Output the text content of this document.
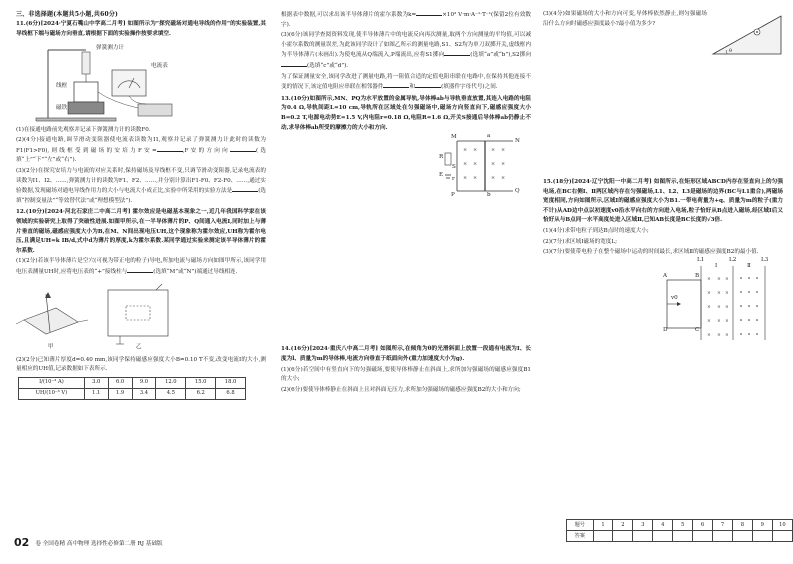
三、非选择题(本题共5小题,共60分)

11.(6分)[2024·宁夏石嘴山中学高二月考] 如图所示为“探究磁场对通电导线的作用”的实验装置,其导线框下端与磁场方向垂直,请根据下面的实验操作按要求填空.

弹簧测力计
电流表
线框
磁铁

(1)在接通电路前先观察并记录下弹簧测力计的读数F0.

(2)(4分)接通电路,调节滑动变阻器使电流表读数为I1,观察并记录了弹簧测力计此时的读数为F1(F1>F0),则线框受到磁场的安培力F安=	,F安的方向向	(选填“上”“下”“左”或“右”).

(3)(2分)在探究安培力与电流的对应关系时,保持磁场及导线框不变,只调节滑动变阻器,记录电流表的读数为I1、I2、……,弹簧测力计的读数为F1、F2、……,并分别计算出F1-F0、F2-F0、……,通过实验数据,发现磁场对通电导线作用力的大小与电流大小成正比,实验中所采用的实验方法是	(选填“控制变量法”“等效替代法”或“理想模型法”).

12.(10分)[2024·河北石家庄二中高二月考] 霍尔效应是电磁基本现象之一,近几年我国科学家在该领域的实验研究上取得了突破性进展.如图甲所示,在一半导体薄片的P、Q间通入电流I,同时加上与薄片垂直的磁场,磁感应强度大小为B,在M、N间出现电压UH,这个现象称为霍尔效应,UH称为霍尔电压,且满足UH=k IB/d,式中d为薄片的厚度,k为霍尔系数.某同学通过实验来测定该半导体薄片的霍尔系数.

(1)(2分)若该半导体薄片是空穴(可视为带正电的粒子)导电,所加电流与磁场方向如图甲所示,该同学用电压表测量UH时,应将电压表的“+”接线柱与	(选填“M”或“N”)端通过导线相连.

甲	乙

(2)(2分)已知薄片厚度d=0.40 mm,该同学保持磁感应强度大小B=0.10 T不变,改变电流I的大小,测量相应的UH值,记录数据如下表所示.

I/(10⁻³ A)	3.0	6.0	9.0	12.0	15.0	18.0
UH/(10⁻³ V)	1.1	1.9	3.4	4.5	6.2	6.8

根据表中数据,可以求出该半导体薄片的霍尔系数为k=	×10³ V·m·A⁻¹·T⁻¹(保留2位有效数字).

(3)(6分)该同学查阅资料发现,使半导体薄片中的电流反向再次测量,取两个方向测量的平均值,可以减小霍尔系数的测量误差,为此该同学设计了如图乙所示的测量电路,S1、S2均为单刀双掷开关,虚线框内为半导体薄片(未画出).为使电流从Q端流入,P端流出,应将S1掷向	(选填“a”或“b”),S2掷向(选填“c”或“d”).

为了保证测量安全,该同学改进了测量电路,将一阻值合适的定值电阻串联在电路中,在保持其他连接不变的情况下,该定值电阻应串联在相邻器件	和	(填器件字母代号)之间.

13.(10分)如图所示,MN、PQ为水平放置的金属导轨,导体棒ab与导轨垂直放置,其连入电路的电阻为0.4 Ω,导轨间距L=10 cm,导轨所在区域处在匀强磁场中,磁场方向竖直向下,磁感应强度大小B=0.2 T,电源电动势E=1.5 V,内电阻r=0.18 Ω,电阻R=1.6 Ω,开关S接通后导体棒ab仍静止不动,求导体棒ab所受的摩擦力的大小和方向.

× ×	× ×
× ×	× ×
× ×	× ×
M
N
P
Q
a
b
R
E
r
S

14.(16分)[2024·重庆八中高二月考] 如图所示,在倾角为θ的光滑斜面上放置一段通有电流为I、长度为l、质量为m的导体棒,电流方向垂直于纸面向外(重力加速度大小为g).

(1)(6分)若空间中有竖直向下的匀强磁场,要使导体棒静止在斜面上,求所加匀强磁场的磁感应强度B1的大小;

(2)(6分)要使导体棒静止在斜面上且对斜面无压力,求所加匀强磁场的磁感应强度B2的大小和方向;

(3)(4分)如果磁场的大小和方向可变,导体棒依然静止,则匀强磁场沿什么方向时磁感应强度最小?最小值为多少?

θ

15.(18分)[2024·辽宁沈阳一中高二月考] 如图所示,在矩形区域ABCD内存在竖直向上的匀强电场,在BC右侧Ⅰ、Ⅱ两区域内存在匀强磁场,L1、L2、L3是磁场的边界(BC与L1重合),两磁场宽度相同,方向如图所示,区域Ⅰ的磁感应强度大小为B1.一带电荷量为+q、质量为m的粒子(重力不计)从AD边中点以初速度v0沿水平向右的方向进入电场,粒子恰好从B点进入磁场,经区域Ⅰ后又恰好从与B点同一水平高度处进入区域Ⅱ,已知AB长度是BC长度的√3倍.

(1)(4分)求带电粒子到达B点时的速度大小;

(2)(7分)求区域Ⅰ磁场的宽度L;

(3)(7分)要使带电粒子在整个磁场中运动的时间最长,求区域Ⅱ的磁感应强度B2的最小值.

× × ×
× × ×
× × ×
× × ×
× × ×
L1	L2	L3
A	B
C
D
Ⅰ	Ⅱ
v0
题号	1	2	3	4	5	6	7	8	9	10
答案										
02 卷 全国卷精 高中物理 选择性必修第二册 RJ 基础版
